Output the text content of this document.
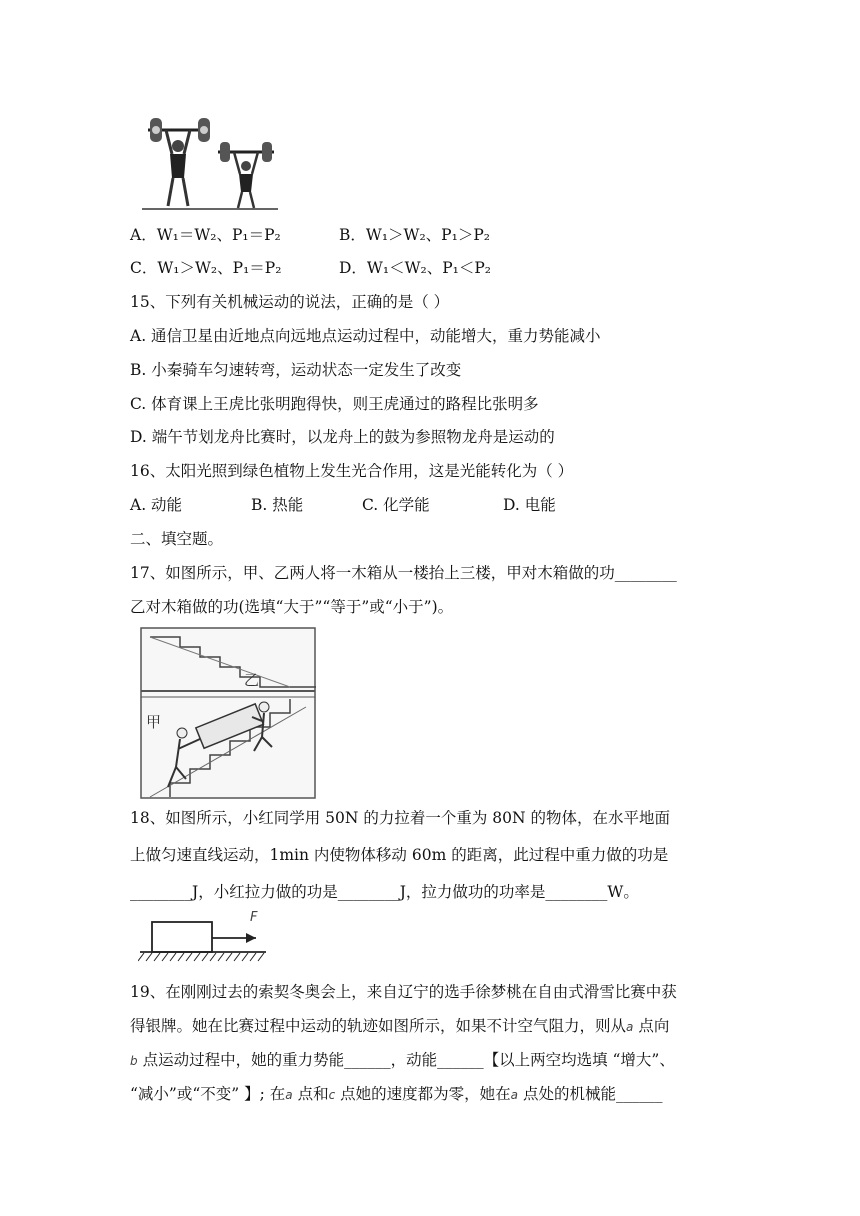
A．W₁＝W₂、P₁＝P₂	B．W₁＞W₂、P₁＞P₂
C．W₁＞W₂、P₁＝P₂	D．W₁＜W₂、P₁＜P₂
15、下列有关机械运动的说法，正确的是（ ）
A. 通信卫星由近地点向远地点运动过程中，动能增大，重力势能减小
B. 小秦骑车匀速转弯，运动状态一定发生了改变
C. 体育课上王虎比张明跑得快，则王虎通过的路程比张明多
D. 端午节划龙舟比赛时，以龙舟上的鼓为参照物龙舟是运动的
16、太阳光照到绿色植物上发生光合作用，这是光能转化为（ ）
A. 动能	B. 热能	C. 化学能	D. 电能
二、填空题。
17、如图所示，甲、乙两人将一木箱从一楼抬上三楼，甲对木箱做的功________
乙对木箱做的功(选填“大于”“等于”或“小于”)。
乙
甲
18、如图所示，小红同学用 50N 的力拉着一个重为 80N 的物体，在水平地面
上做匀速直线运动，1min 内使物体移动 60m 的距离，此过程中重力做的功是
________J，小红拉力做的功是________J，拉力做功的功率是________W。
F
19、在刚刚过去的索契冬奥会上，来自辽宁的选手徐梦桃在自由式滑雪比赛中获
得银牌。她在比赛过程中运动的轨迹如图所示，如果不计空气阻力，则从a 点向
b 点运动过程中，她的重力势能______，动能______【以上两空均选填 “增大”、
“减小”或“不变” 】; 在a 点和c 点她的速度都为零，她在a 点处的机械能______
